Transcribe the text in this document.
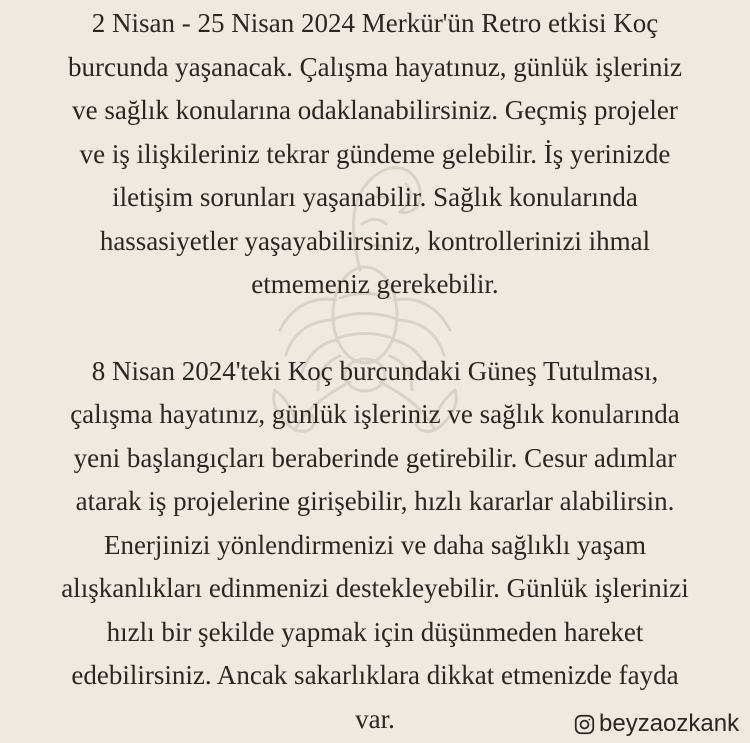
2 Nisan - 25 Nisan 2024 Merkür'ün Retro etkisi Koç
burcunda yaşanacak. Çalışma hayatınuz, günlük işleriniz
ve sağlık konularına odaklanabilirsiniz. Geçmiş projeler
ve iş ilişkileriniz tekrar gündeme gelebilir. İş yerinizde
iletişim sorunları yaşanabilir. Sağlık konularında
hassasiyetler yaşayabilirsiniz, kontrollerinizi ihmal
etmemeniz gerekebilir.

8 Nisan 2024'teki Koç burcundaki Güneş Tutulması,
çalışma hayatınız, günlük işleriniz ve sağlık konularında
yeni başlangıçları beraberinde getirebilir. Cesur adımlar
atarak iş projelerine girişebilir, hızlı kararlar alabilirsin.
Enerjinizi yönlendirmenizi ve daha sağlıklı yaşam
alışkanlıkları edinmenizi destekleyebilir. Günlük işlerinizi
hızlı bir şekilde yapmak için düşünmeden hareket
edebilirsiniz. Ancak sakarlıklara dikkat etmenizde fayda
var.	beyzaozkank
